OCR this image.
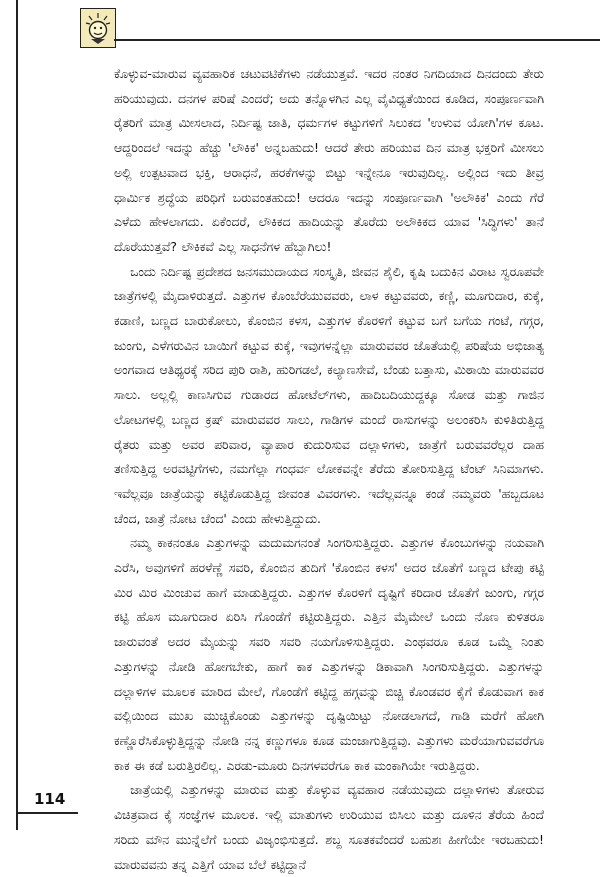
ಕೊಳ್ಳುವ-ಮಾರುವ ವ್ಯವಹಾರಿಕ ಚಟುವಟಿಕೆಗಳು ನಡೆಯುತ್ತವೆ. ಇದರ ನಂತರ ನಿಗದಿಯಾದ ದಿನದಂದು ತೇರು ಹರಿಯುವುದು. ದನಗಳ ಪರಿಷೆ ಎಂದರೆ; ಅದು ತನ್ನೊಳಗಿನ ಎಲ್ಲ ವೈವಿಧ್ಯತೆಯಿಂದ ಕೂಡಿದ, ಸಂಪೂರ್ಣವಾಗಿ ರೈತರಿಗೆ ಮಾತ್ರ ಮೀಸಲಾದ, ನಿರ್ದಿಷ್ಟ ಜಾತಿ, ಧರ್ಮಗಳ ಕಟ್ಟುಗಳಿಗೆ ಸಿಲುಕದ 'ಉಳುವ ಯೋಗಿ'ಗಳ ಕೂಟ. ಆದ್ದರಿಂದಲೆ ಇದನ್ನು ಹೆಚ್ಚು 'ಲೌಕಿಕ' ಅನ್ನಬಹುದು! ಆದರೆ ತೇರು ಹರಿಯುವ ದಿನ ಮಾತ್ರ ಭಕ್ತರಿಗೆ ಮೀಸಲು ಅಲ್ಲಿ ಉತ್ಪಟವಾದ ಭಕ್ತಿ, ಆರಾಧನೆ, ಹರಕೆಗಳನ್ನು ಬಿಟ್ಟು ಇನ್ನೇನೂ ಇರುವುದಿಲ್ಲ. ಅಲ್ಲಿಂದ ಇದು ತೀವ್ರ ಧಾರ್ಮಿಕ ಶ್ರದ್ಧೆಯ ಪರಿಧಿಗೆ ಬರುವಂತಹುದು! ಆದರೂ ಇದನ್ನು ಸಂಪೂರ್ಣವಾಗಿ 'ಅಲೌಕಿಕ' ಎಂದು ಗೆರೆ ಎಳೆದು ಹೇಳಲಾಗದು. ಏಕೆಂದರೆ, ಲೌಕಿಕದ ಹಾದಿಯನ್ನು ತೊರೆದು ಅಲೌಕಿಕದ ಯಾವ 'ಸಿದ್ಧಿಗಳು' ತಾನೆ ದೊರೆಯುತ್ತವೆ? ಲೌಕಿಕವೆ ಎಲ್ಲ ಸಾಧನೆಗಳ ಹೆಬ್ಬಾಗಿಲು!

ಒಂದು ನಿರ್ದಿಷ್ಟ ಪ್ರದೇಶದ ಜನಸಮುದಾಯದ ಸಂಸ್ಕೃತಿ, ಜೀವನ ಶೈಲಿ, ಕೃಷಿ ಬದುಕಿನ ವಿರಾಟ ಸ್ವರೂಪವೇ ಜಾತ್ರೆಗಳಲ್ಲಿ ಮೈದಾಳಿರುತ್ತದೆ. ಎತ್ತುಗಳ ಕೊಂಬೆರೆಯುವವರು, ಲಾಳ ಕಟ್ಟುವವರು, ಕಣ್ಣಿ, ಮೂಗುದಾರ, ಕುಕ್ಕೆ, ಕಡಾಣಿ, ಬಣ್ಣದ ಬಾರುಕೋಲು, ಕೊಂಬಿನ ಕಳಸ, ಎತ್ತುಗಳ ಕೊರಳಿಗೆ ಕಟ್ಟುವ ಬಗೆ ಬಗೆಯ ಗಂಟೆ, ಗಗ್ಗರ, ಜುಂಗು, ಎಳೆಗರುವಿನ ಬಾಯಿಗೆ ಕಟ್ಟುವ ಕುಕ್ಕೆ, ಇವುಗಳನ್ನೆಲ್ಲಾ ಮಾರುವವರ ಜೊತೆಯಲ್ಲಿ ಪರಿಷೆಯ ಅಭಿಜಾತ್ಯ ಅಂಗವಾದ ಆತಿಥ್ಯರಕ್ಕೆ ಸರಿದ ಪುರಿ ರಾಶಿ, ಹುರಿಗಡಲೆ, ಕಲ್ಯಾಣಸೇವೆ, ಬೆಂಡು ಬತ್ತಾಸು, ಮಿಠಾಯಿ ಮಾರುವವರ ಸಾಲು. ಅಲ್ಲಲ್ಲಿ ಕಾಣಸಿಗುವ ಗುಡಾರದ ಹೋಟೆಲ್‌ಗಳು, ಹಾದಿಬದಿಯುದ್ದಕ್ಕೂ ಸೋಡ ಮತ್ತು ಗಾಜಿನ ಲೋಟಗಳಲ್ಲಿ ಬಣ್ಣದ ಕ್ರಷ್ ಮಾರುವವರ ಸಾಲು, ಗಾಡಿಗಳ ಮಂದೆ ರಾಸುಗಳನ್ನು ಅಲಂಕರಿಸಿ ಕುಳಿತಿರುತ್ತಿದ್ದ ರೈತರು ಮತ್ತು ಅವರ ಪರಿವಾರ, ವ್ಯಾಪಾರ ಕುದುರಿಸುವ ದಲ್ಲಾಳಿಗಳು, ಜಾತ್ರೆಗೆ ಬರುವವರೆಲ್ಲರ ದಾಹ ತಣಿಸುತ್ತಿದ್ದ ಅರವಟ್ಟಿಗೆಗಳು, ನಮಗೆಲ್ಲಾ ಗಂಧರ್ವ ಲೋಕವನ್ನೇ ತೆರೆದು ತೋರಿಸುತ್ತಿದ್ದ ಟೆಂಟ್ ಸಿನಿಮಾಗಳು. ಇವೆಲ್ಲವೂ ಜಾತ್ರೆಯನ್ನು ಕಟ್ಟಿಕೊಡುತ್ತಿದ್ದ ಜೀವಂತ ವಿವರಗಳು. ಇದೆಲ್ಲವನ್ನೂ ಕಂಡೆ ನಮ್ಮವರು 'ಹಬ್ಬದೂಟ ಚೆಂದ, ಜಾತ್ರೆ ನೋಟ ಚೆಂದ' ಎಂದು ಹೇಳುತ್ತಿದ್ದುದು.

ನಮ್ಮ ಕಾಕನಂತೂ ಎತ್ತುಗಳನ್ನು ಮದುಮಗನಂತೆ ಸಿಂಗರಿಸುತ್ತಿದ್ದರು. ಎತ್ತುಗಳ ಕೊಂಬುಗಳನ್ನು ನಯವಾಗಿ ಎರೆಸಿ, ಅವುಗಳಿಗೆ ಹರಳೆಣ್ಣೆ ಸವರಿ, ಕೊಂಬಿನ ತುದಿಗೆ 'ಕೊಂಬಿನ ಕಳಸ' ಅದರ ಜೊತೆಗೆ ಬಣ್ಣದ ಟೇಪು ಕಟ್ಟಿ ಮಿರ ಮಿರ ಮಿಂಚುವ ಹಾಗೆ ಮಾಡುತ್ತಿದ್ದರು. ಎತ್ತುಗಳ ಕೊರಳಿಗೆ ದೃಷ್ಟಿಗೆ ಕರಿದಾರ ಜೊತೆಗೆ ಜುಂಗು, ಗಗ್ಗರ ಕಟ್ಟಿ ಹೊಸ ಮೂಗುದಾರ ಏರಿಸಿ ಗೊಂಡೆಗೆ ಕಟ್ಟಿರುತ್ತಿದ್ದರು. ಎತ್ತಿನ ಮೈಮೇಲೆ ಒಂದು ನೊಣ ಕುಳಿತರೂ ಜಾರುವಂತೆ ಅದರ ಮೈಯನ್ನು ಸವರಿ ಸವರಿ ನಯಗೊಳಿಸುತ್ತಿದ್ದರು. ಎಂಥವರೂ ಕೂಡ ಒಮ್ಮೆ ನಿಂತು ಎತ್ತುಗಳನ್ನು ನೋಡಿ ಹೋಗಬೇಕು, ಹಾಗೆ ಕಾಕ ಎತ್ತುಗಳನ್ನು ಡಿಕಾವಾಗಿ ಸಿಂಗರಿಸುತ್ತಿದ್ದರು. ಎತ್ತುಗಳನ್ನು ದಲ್ಲಾಳಿಗಳ ಮೂಲಕ ಮಾರಿದ ಮೇಲೆ, ಗೊಂಡೆಗೆ ಕಟ್ಟಿದ್ದ ಹಗ್ಗವನ್ನು ಬಿಚ್ಚಿ ಕೊಂಡವರ ಕೈಗೆ ಕೊಡುವಾಗ ಕಾಕ ವಲ್ಲಿಯಿಂದ ಮುಖ ಮುಚ್ಚಿಕೊಂಡು ಎತ್ತುಗಳನ್ನು ದೃಷ್ಟಿಯಿಟ್ಟು ನೋಡಲಾಗದೆ, ಗಾಡಿ ಮರೆಗೆ ಹೋಗಿ ಕಣ್ಣೊರೆಸಿಕೊಳ್ಳುತ್ತಿದ್ದನ್ನು ನೋಡಿ ನನ್ನ ಕಣ್ಣುಗಳೂ ಕೂಡ ಮಂಜಾಗುತ್ತಿದ್ದವು. ಎತ್ತುಗಳು ಮರೆಯಾಗುವವರೆಗೂ ಕಾಕ ಈ ಕಡೆ ಬರುತ್ತಿರಲಿಲ್ಲ. ಎರಡು-ಮೂರು ದಿನಗಳವರೆಗೂ ಕಾಕ ಮಂಕಾಗಿಯೇ ಇರುತ್ತಿದ್ದರು.

ಜಾತ್ರೆಯಲ್ಲಿ ಎತ್ತುಗಳನ್ನು ಮಾರುವ ಮತ್ತು ಕೊಳ್ಳುವ ವ್ಯವಹಾರ ನಡೆಯುವುದು ದಲ್ಲಾಳಿಗಳು ತೋರುವ ವಿಚಿತ್ರವಾದ ಕೈ ಸಂಜ್ಞೆಗಳ ಮೂಲಕ. ಇಲ್ಲಿ ಮಾತುಗಳು ಉರಿಯುವ ಬಿಸಿಲು ಮತ್ತು ದೂಳಿನ ತೆರೆಯ ಹಿಂದೆ ಸರಿದು ಮೌನ ಮುನ್ನೆಲೆಗೆ ಬಂದು ವಿಜೃಂಭಿಸುತ್ತದೆ. ಶಬ್ದ ಸೂತಕವೆಂದರೆ ಬಹುಶಃ ಹೀಗೆಯೇ ಇರಬಹುದು! ಮಾರುವವನು ತನ್ನ ಎತ್ತಿಗೆ ಯಾವ ಬೆಲೆ ಕಟ್ಟಿದ್ದಾನೆ

114
